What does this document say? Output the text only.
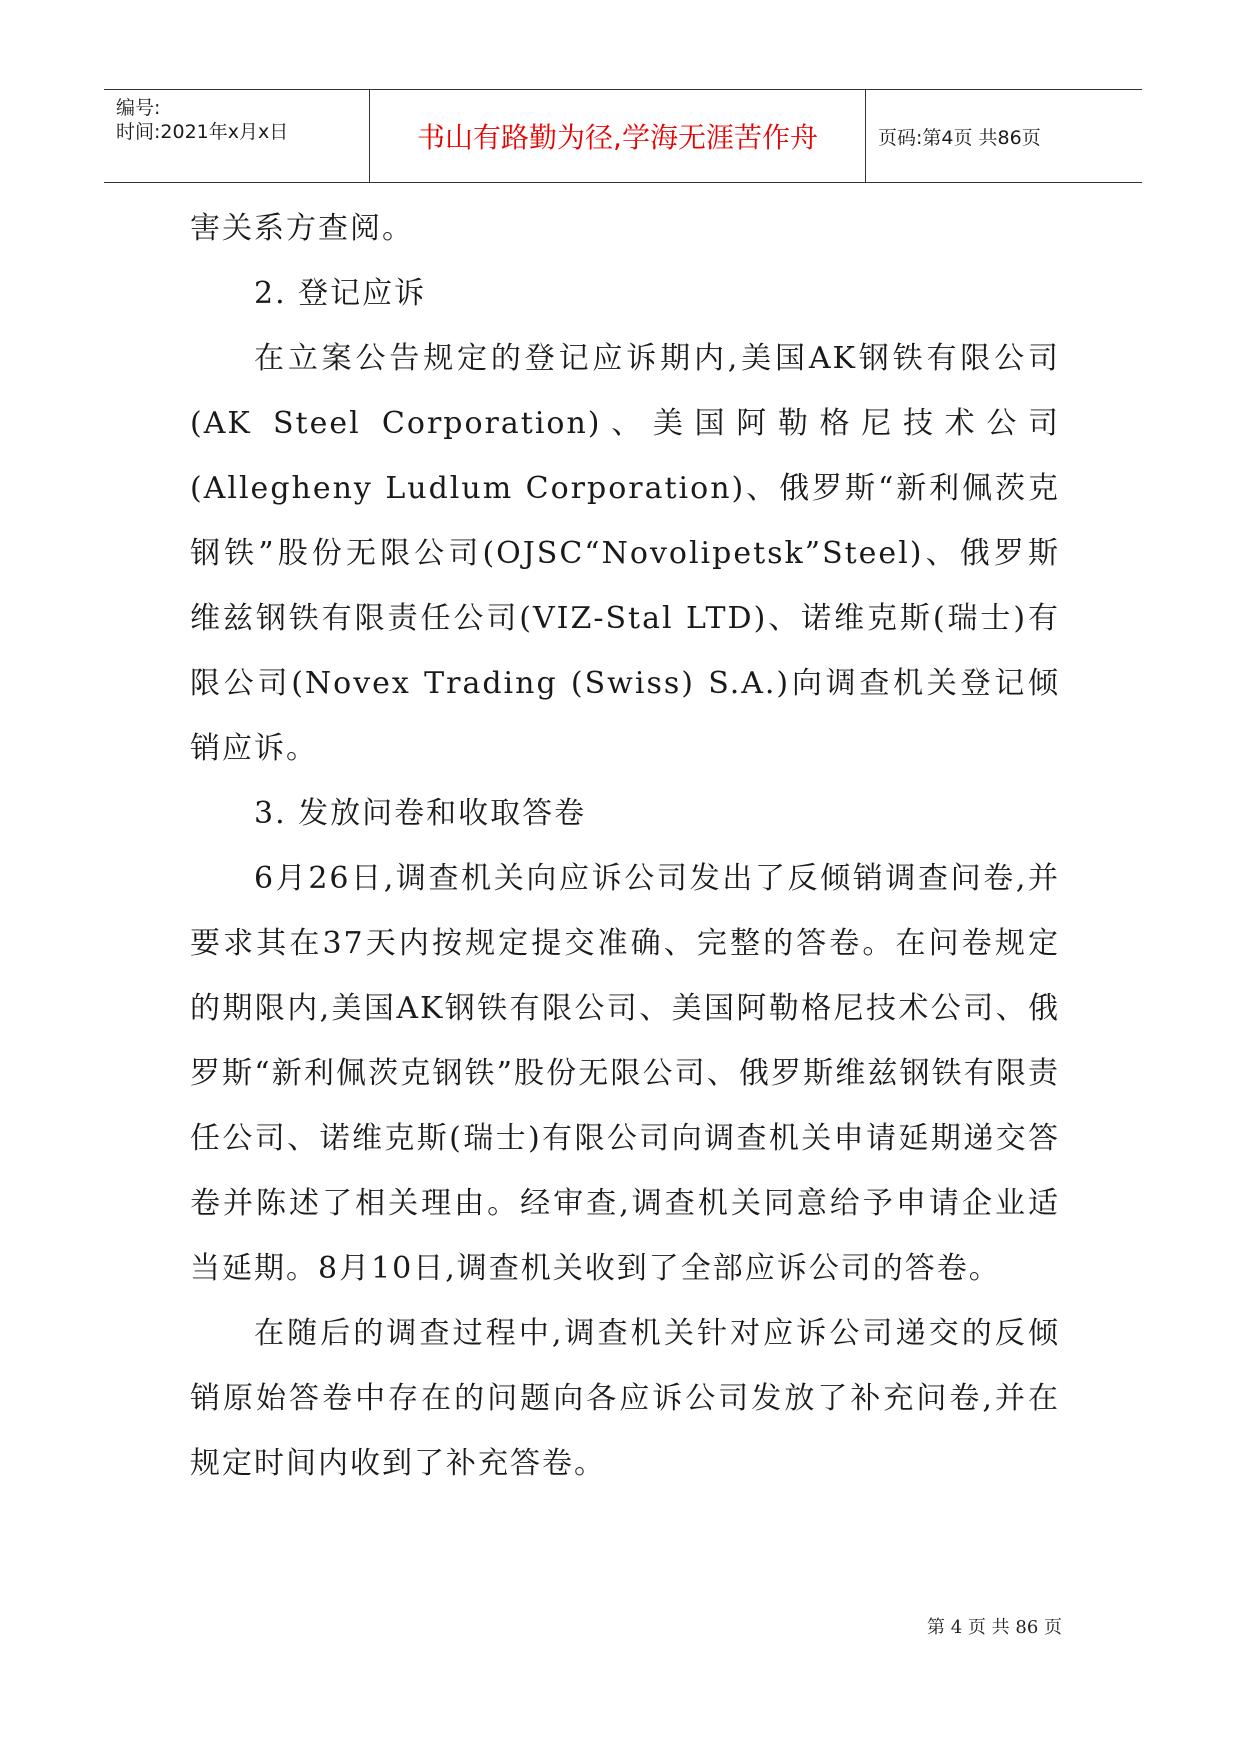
编号:
时间:2021年x月x日	书山有路勤为径,学海无涯苦作舟	页码:第4页 共86页

害关系方查阅。

2. 登记应诉

在立案公告规定的登记应诉期内,美国AK钢铁有限公司(AK Steel Corporation)、美国阿勒格尼技术公司(Allegheny Ludlum Corporation)、俄罗斯“新利佩茨克钢铁”股份无限公司(OJSC“Novolipetsk”Steel)、俄罗斯维兹钢铁有限责任公司(VIZ-Stal LTD)、诺维克斯(瑞士)有限公司(Novex Trading (Swiss) S.A.)向调查机关登记倾销应诉。

3. 发放问卷和收取答卷

6月26日,调查机关向应诉公司发出了反倾销调查问卷,并要求其在37天内按规定提交准确、完整的答卷。在问卷规定的期限内,美国AK钢铁有限公司、美国阿勒格尼技术公司、俄罗斯“新利佩茨克钢铁”股份无限公司、俄罗斯维兹钢铁有限责任公司、诺维克斯(瑞士)有限公司向调查机关申请延期递交答卷并陈述了相关理由。经审查,调查机关同意给予申请企业适当延期。8月10日,调查机关收到了全部应诉公司的答卷。

在随后的调查过程中,调查机关针对应诉公司递交的反倾销原始答卷中存在的问题向各应诉公司发放了补充问卷,并在规定时间内收到了补充答卷。

第 4 页 共 86 页
